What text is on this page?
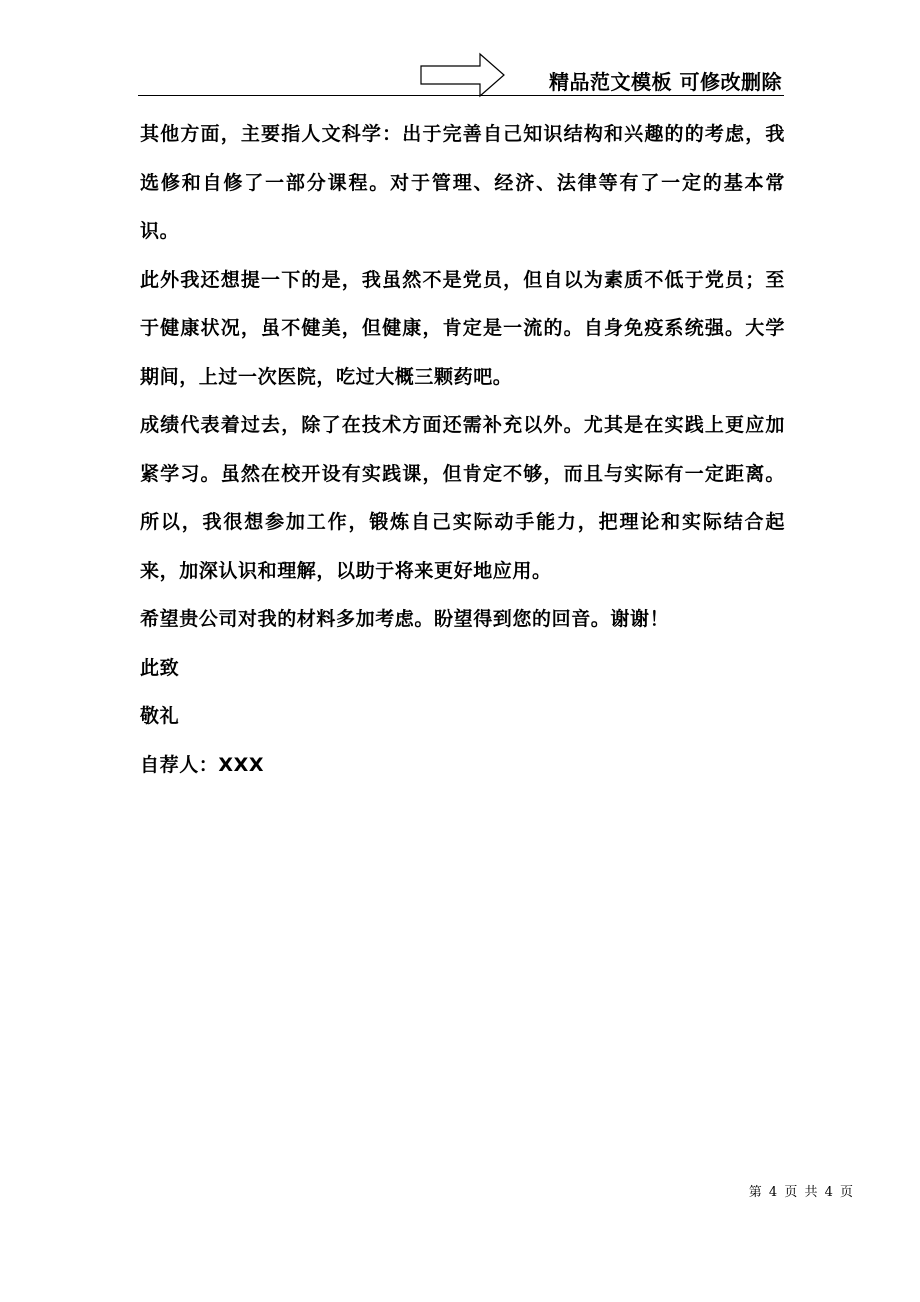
精品范文模板 可修改删除

其他方面，主要指人文科学：出于完善自己知识结构和兴趣的的考虑，我选修和自修了一部分课程。对于管理、经济、法律等有了一定的基本常识。

此外我还想提一下的是，我虽然不是党员，但自以为素质不低于党员；至于健康状况，虽不健美，但健康，肯定是一流的。自身免疫系统强。大学期间，上过一次医院，吃过大概三颗药吧。

成绩代表着过去，除了在技术方面还需补充以外。尤其是在实践上更应加紧学习。虽然在校开设有实践课，但肯定不够，而且与实际有一定距离。所以，我很想参加工作，锻炼自己实际动手能力，把理论和实际结合起来，加深认识和理解，以助于将来更好地应用。

希望贵公司对我的材料多加考虑。盼望得到您的回音。谢谢！

此致

敬礼

自荐人：XXX

第 4 页 共 4 页
